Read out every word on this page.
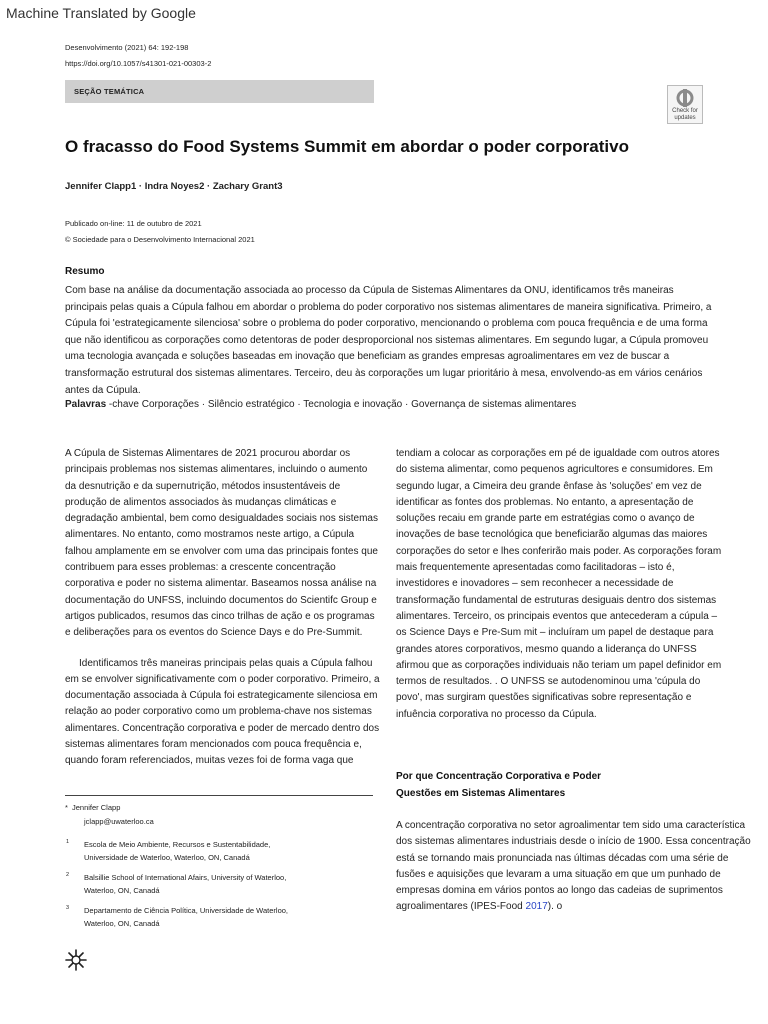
Machine Translated by Google
Desenvolvimento (2021) 64: 192-198
https://doi.org/10.1057/s41301-021-00303-2
SEÇÃO TEMÁTICA
Check for
updates
O fracasso do Food Systems Summit em abordar o poder corporativo
Jennifer Clapp1 · Indra Noyes2 · Zachary Grant3
Publicado on-line: 11 de outubro de 2021
© Sociedade para o Desenvolvimento Internacional 2021
Resumo
Com base na análise da documentação associada ao processo da Cúpula de Sistemas Alimentares da ONU, identificamos três maneiras principais pelas quais a Cúpula falhou em abordar o problema do poder corporativo nos sistemas alimentares de maneira significativa. Primeiro, a Cúpula foi 'estrategicamente silenciosa' sobre o problema do poder corporativo, mencionando o problema com pouca frequência e de uma forma que não identificou as corporações como detentoras de poder desproporcional nos sistemas alimentares. Em segundo lugar, a Cúpula promoveu uma tecnologia avançada e soluções baseadas em inovação que beneficiam as grandes empresas agroalimentares em vez de buscar a transformação estrutural dos sistemas alimentares. Terceiro, deu às corporações um lugar prioritário à mesa, envolvendo-as em vários cenários antes da Cúpula.
Palavras -chave Corporações · Silêncio estratégico · Tecnologia e inovação · Governança de sistemas alimentares

A Cúpula de Sistemas Alimentares de 2021 procurou abordar os principais problemas nos sistemas alimentares, incluindo o aumento da desnutrição e da supernutrição, métodos insustentáveis de produção de alimentos associados às mudanças climáticas e degradação ambiental, bem como desigualdades sociais nos sistemas alimentares. No entanto, como mostramos neste artigo, a Cúpula falhou amplamente em se envolver com uma das principais fontes que contribuem para esses problemas: a crescente concentração corporativa e poder no sistema alimentar. Baseamos nossa análise na documentação do UNFSS, incluindo documentos do Scientifc Group e artigos publicados, resumos das cinco trilhas de ação e os programas e deliberações para os eventos do Science Days e do Pre-Summit.

Identificamos três maneiras principais pelas quais a Cúpula falhou em se envolver significativamente com o poder corporativo. Primeiro, a documentação associada à Cúpula foi estrategicamente silenciosa em relação ao poder corporativo como um problema-chave nos sistemas alimentares. Concentração corporativa e poder de mercado dentro dos sistemas alimentares foram mencionados com pouca frequência e, quando foram referenciados, muitas vezes foi de forma vaga que

tendiam a colocar as corporações em pé de igualdade com outros atores do sistema alimentar, como pequenos agricultores e consumidores. Em segundo lugar, a Cimeira deu grande ênfase às 'soluções' em vez de identificar as fontes dos problemas. No entanto, a apresentação de soluções recaiu em grande parte em estratégias como o avanço de inovações de base tecnológica que beneficiarão algumas das maiores corporações do setor e lhes conferirão mais poder. As corporações foram mais frequentemente apresentadas como facilitadoras – isto é, investidores e inovadores – sem reconhecer a necessidade de transformação fundamental de estruturas desiguais dentro dos sistemas alimentares. Terceiro, os principais eventos que antecederam a cúpula – os Science Days e Pre-Sum mit – incluíram um papel de destaque para grandes atores corporativos, mesmo quando a liderança do UNFSS afirmou que as corporações individuais não teriam um papel definidor em termos de resultados. . O UNFSS se autodenominou uma 'cúpula do povo', mas surgiram questões significativas sobre representação e infuência corporativa no processo da Cúpula.

Por que Concentração Corporativa e Poder
Questões em Sistemas Alimentares
A concentração corporativa no setor agroalimentar tem sido uma característica dos sistemas alimentares industriais desde o início de 1900. Essa concentração está se tornando mais pronunciada nas últimas décadas com uma série de fusões e aquisições que levaram a uma situação em que um punhado de empresas domina em vários pontos ao longo das cadeias de suprimentos agroalimentares (IPES-Food 2017). o
* Jennifer Clapp
jclapp@uwaterloo.ca
1 Escola de Meio Ambiente, Recursos e Sustentabilidade,
Universidade de Waterloo, Waterloo, ON, Canadá
2 Balsillie School of International Afairs, University of Waterloo,
Waterloo, ON, Canadá
3 Departamento de Ciência Política, Universidade de Waterloo,
Waterloo, ON, Canadá
